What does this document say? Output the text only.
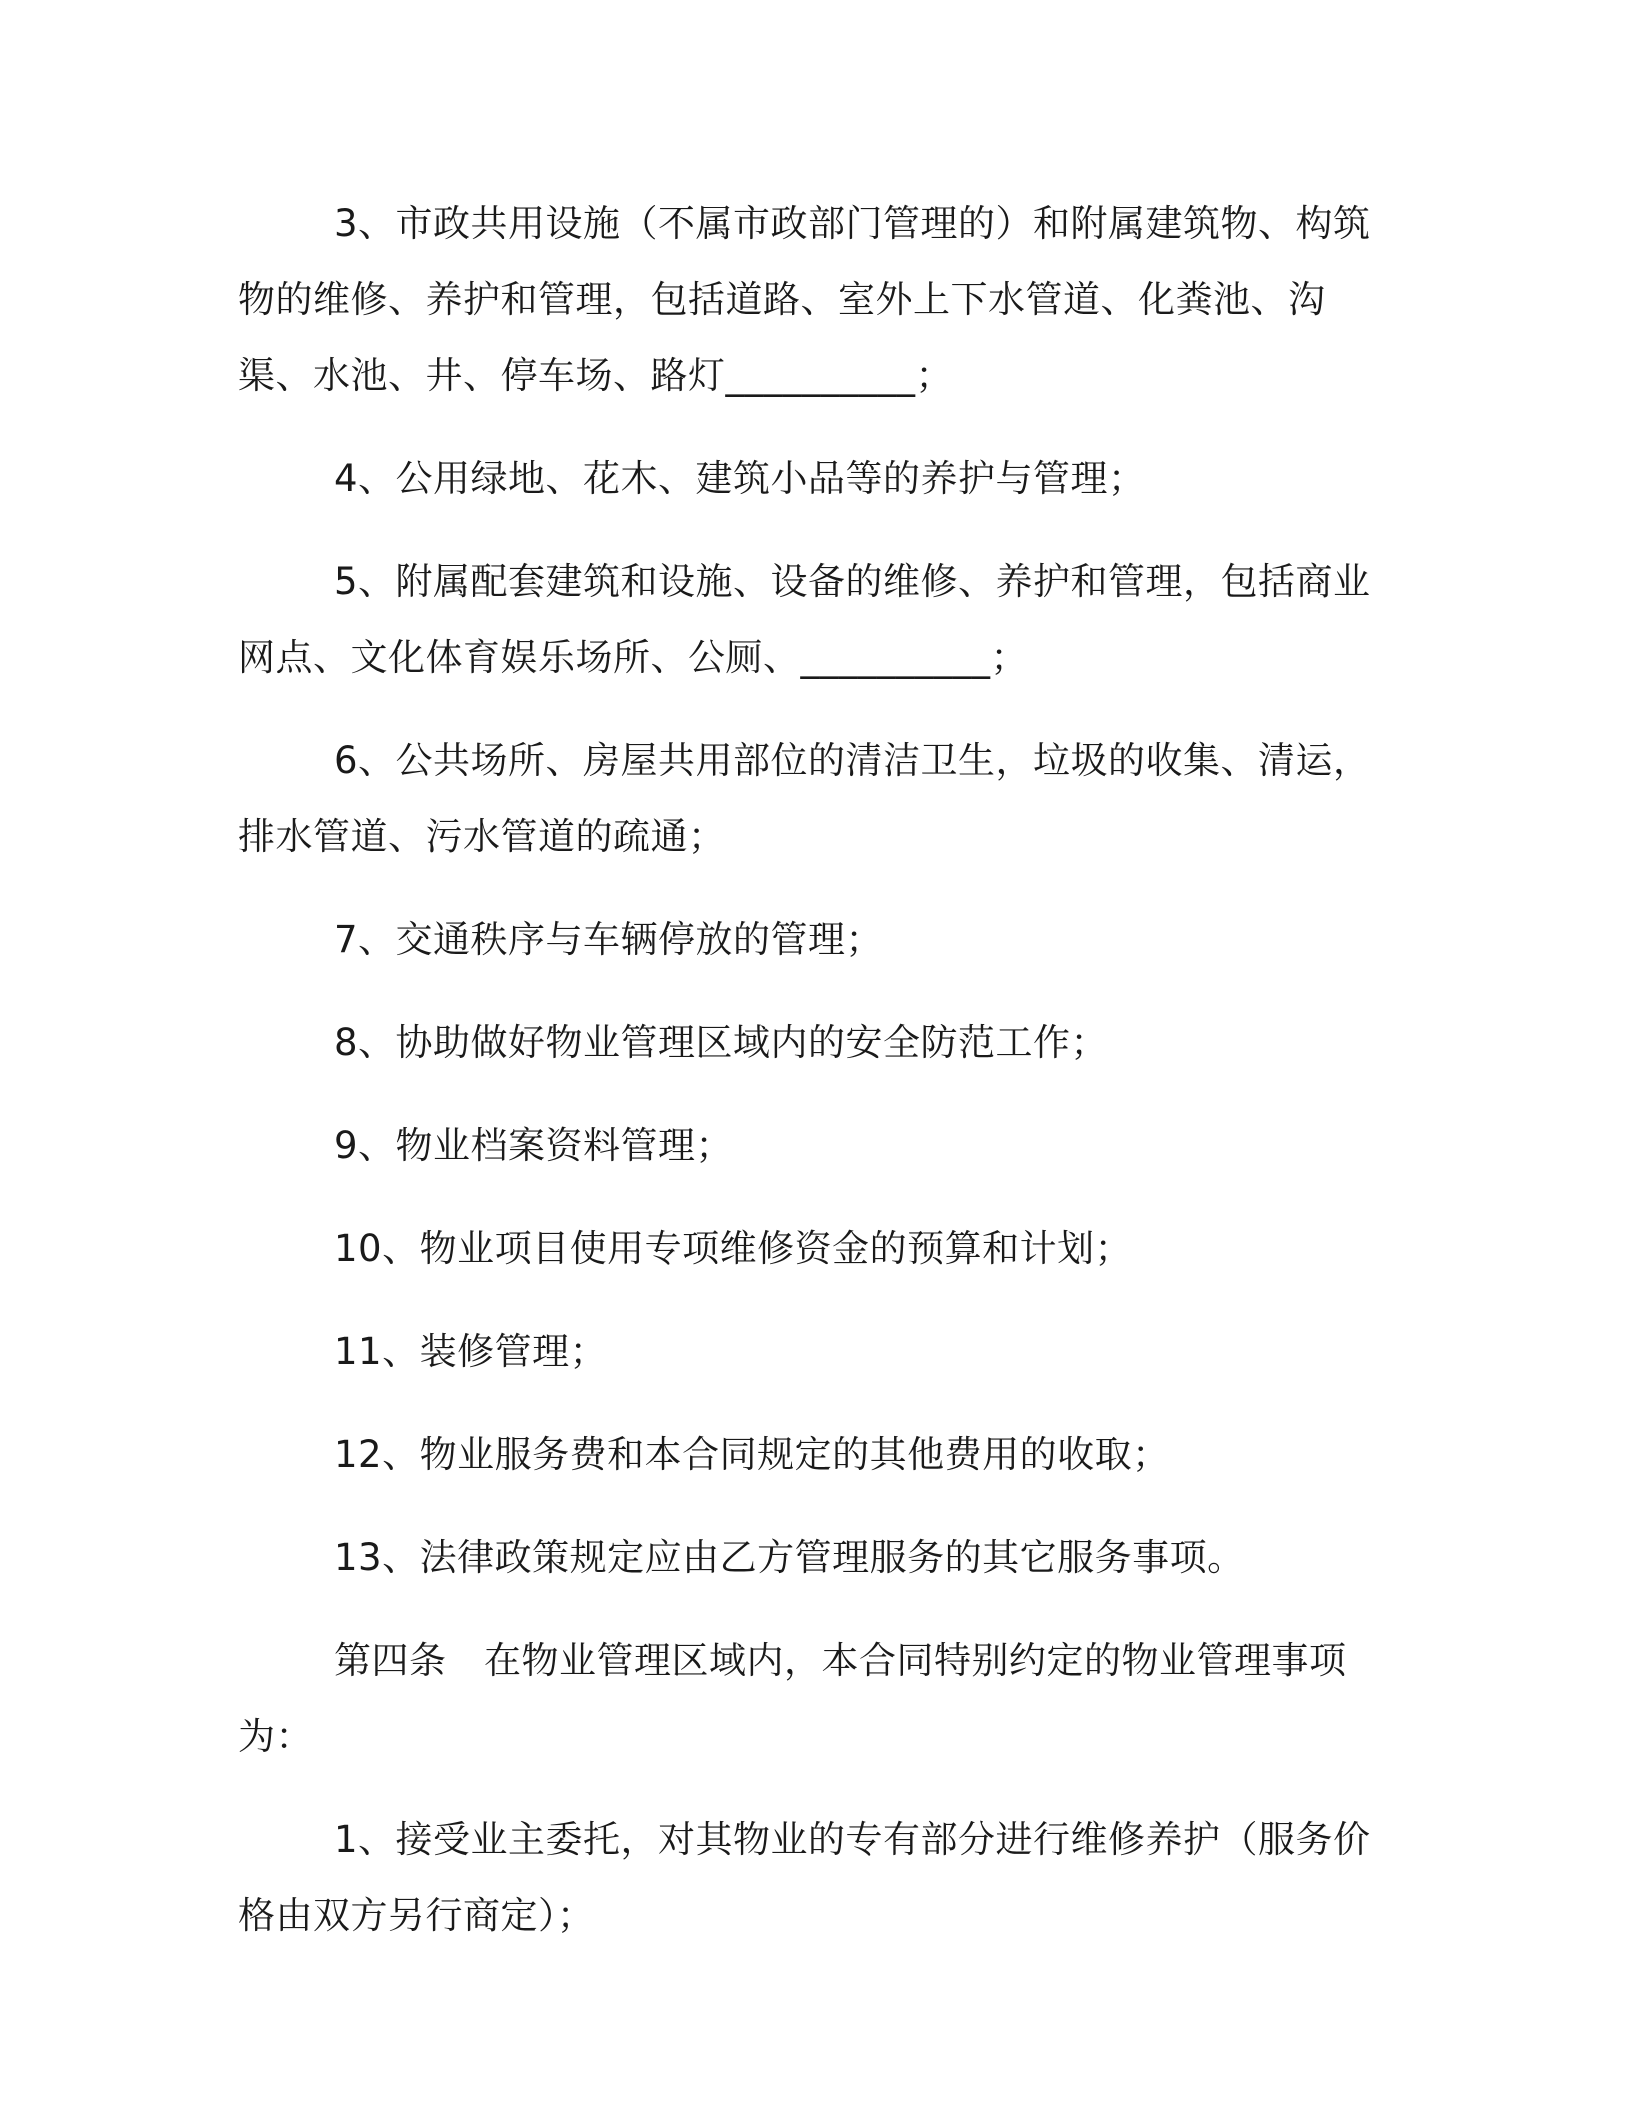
3、市政共用设施（不属市政部门管理的）和附属建筑物、构筑物的维修、养护和管理，包括道路、室外上下水管道、化粪池、沟渠、水池、井、停车场、路灯__________；

4、公用绿地、花木、建筑小品等的养护与管理；

5、附属配套建筑和设施、设备的维修、养护和管理，包括商业网点、文化体育娱乐场所、公厕、__________；

6、公共场所、房屋共用部位的清洁卫生，垃圾的收集、清运，排水管道、污水管道的疏通；

7、交通秩序与车辆停放的管理；

8、协助做好物业管理区域内的安全防范工作；

9、物业档案资料管理；

10、物业项目使用专项维修资金的预算和计划；

11、装修管理；

12、物业服务费和本合同规定的其他费用的收取；

13、法律政策规定应由乙方管理服务的其它服务事项。

第四条　在物业管理区域内，本合同特别约定的物业管理事项为：

1、接受业主委托，对其物业的专有部分进行维修养护（服务价格由双方另行商定）；
